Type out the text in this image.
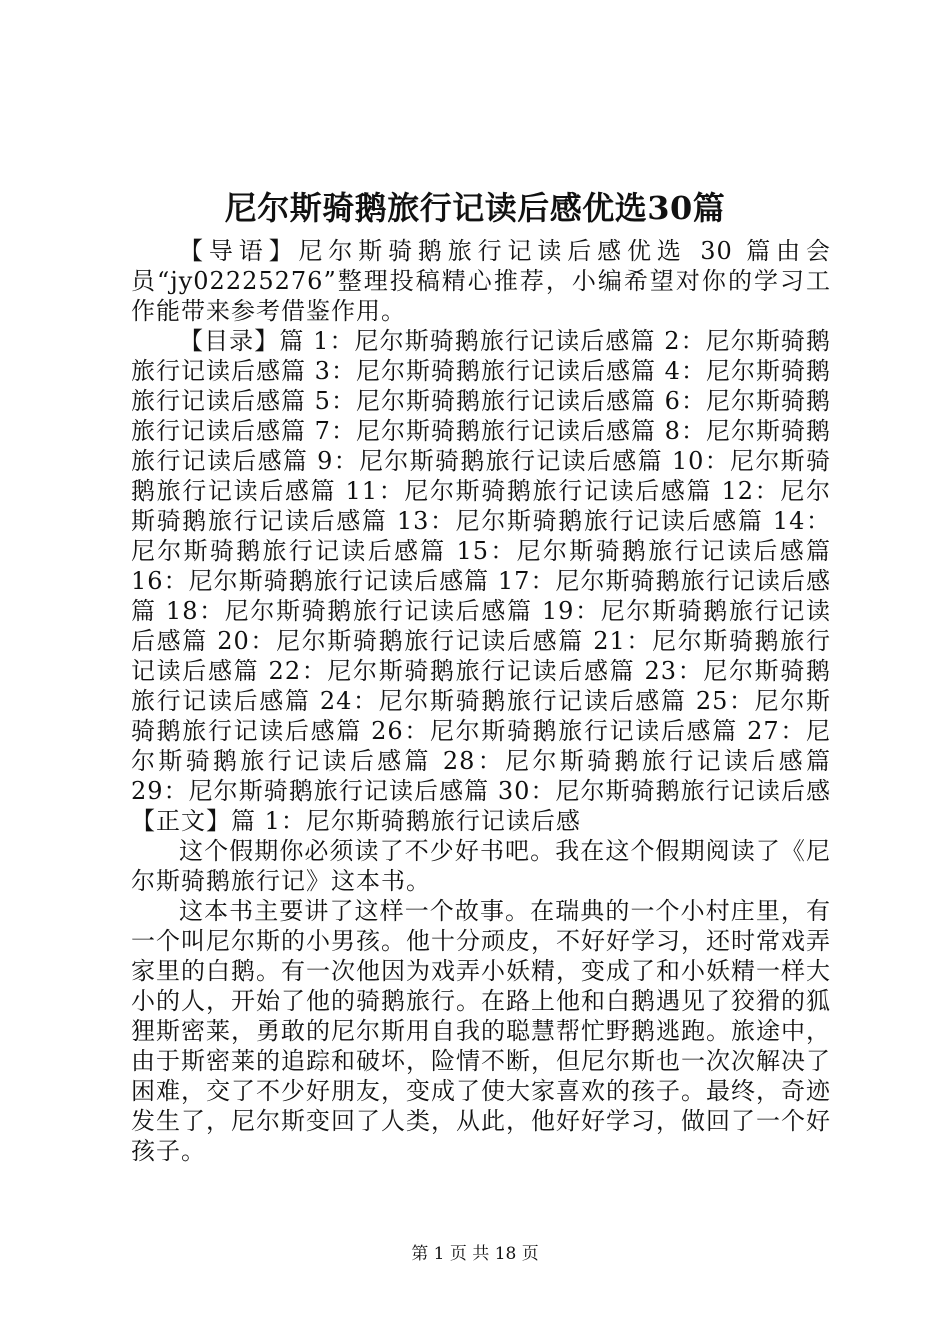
尼尔斯骑鹅旅行记读后感优选30篇

【导语】尼尔斯骑鹅旅行记读后感优选 30 篇由会员“jy02225276”整理投稿精心推荐，小编希望对你的学习工作能带来参考借鉴作用。

【目录】篇 1：尼尔斯骑鹅旅行记读后感篇 2：尼尔斯骑鹅旅行记读后感篇 3：尼尔斯骑鹅旅行记读后感篇 4：尼尔斯骑鹅旅行记读后感篇 5：尼尔斯骑鹅旅行记读后感篇 6：尼尔斯骑鹅旅行记读后感篇 7：尼尔斯骑鹅旅行记读后感篇 8：尼尔斯骑鹅旅行记读后感篇 9：尼尔斯骑鹅旅行记读后感篇 10：尼尔斯骑鹅旅行记读后感篇 11：尼尔斯骑鹅旅行记读后感篇 12：尼尔斯骑鹅旅行记读后感篇 13：尼尔斯骑鹅旅行记读后感篇 14：尼尔斯骑鹅旅行记读后感篇 15：尼尔斯骑鹅旅行记读后感篇 16：尼尔斯骑鹅旅行记读后感篇 17：尼尔斯骑鹅旅行记读后感篇 18：尼尔斯骑鹅旅行记读后感篇 19：尼尔斯骑鹅旅行记读后感篇 20：尼尔斯骑鹅旅行记读后感篇 21：尼尔斯骑鹅旅行记读后感篇 22：尼尔斯骑鹅旅行记读后感篇 23：尼尔斯骑鹅旅行记读后感篇 24：尼尔斯骑鹅旅行记读后感篇 25：尼尔斯骑鹅旅行记读后感篇 26：尼尔斯骑鹅旅行记读后感篇 27：尼尔斯骑鹅旅行记读后感篇 28：尼尔斯骑鹅旅行记读后感篇 29：尼尔斯骑鹅旅行记读后感篇 30：尼尔斯骑鹅旅行记读后感【正文】篇 1：尼尔斯骑鹅旅行记读后感

这个假期你必须读了不少好书吧。我在这个假期阅读了《尼尔斯骑鹅旅行记》这本书。

这本书主要讲了这样一个故事。在瑞典的一个小村庄里，有一个叫尼尔斯的小男孩。他十分顽皮，不好好学习，还时常戏弄家里的白鹅。有一次他因为戏弄小妖精，变成了和小妖精一样大小的人，开始了他的骑鹅旅行。在路上他和白鹅遇见了狡猾的狐狸斯密莱，勇敢的尼尔斯用自我的聪慧帮忙野鹅逃跑。旅途中，由于斯密莱的追踪和破坏，险情不断，但尼尔斯也一次次解决了困难，交了不少好朋友，变成了使大家喜欢的孩子。最终，奇迹发生了，尼尔斯变回了人类，从此，他好好学习，做回了一个好孩子。

第 1 页 共 18 页
